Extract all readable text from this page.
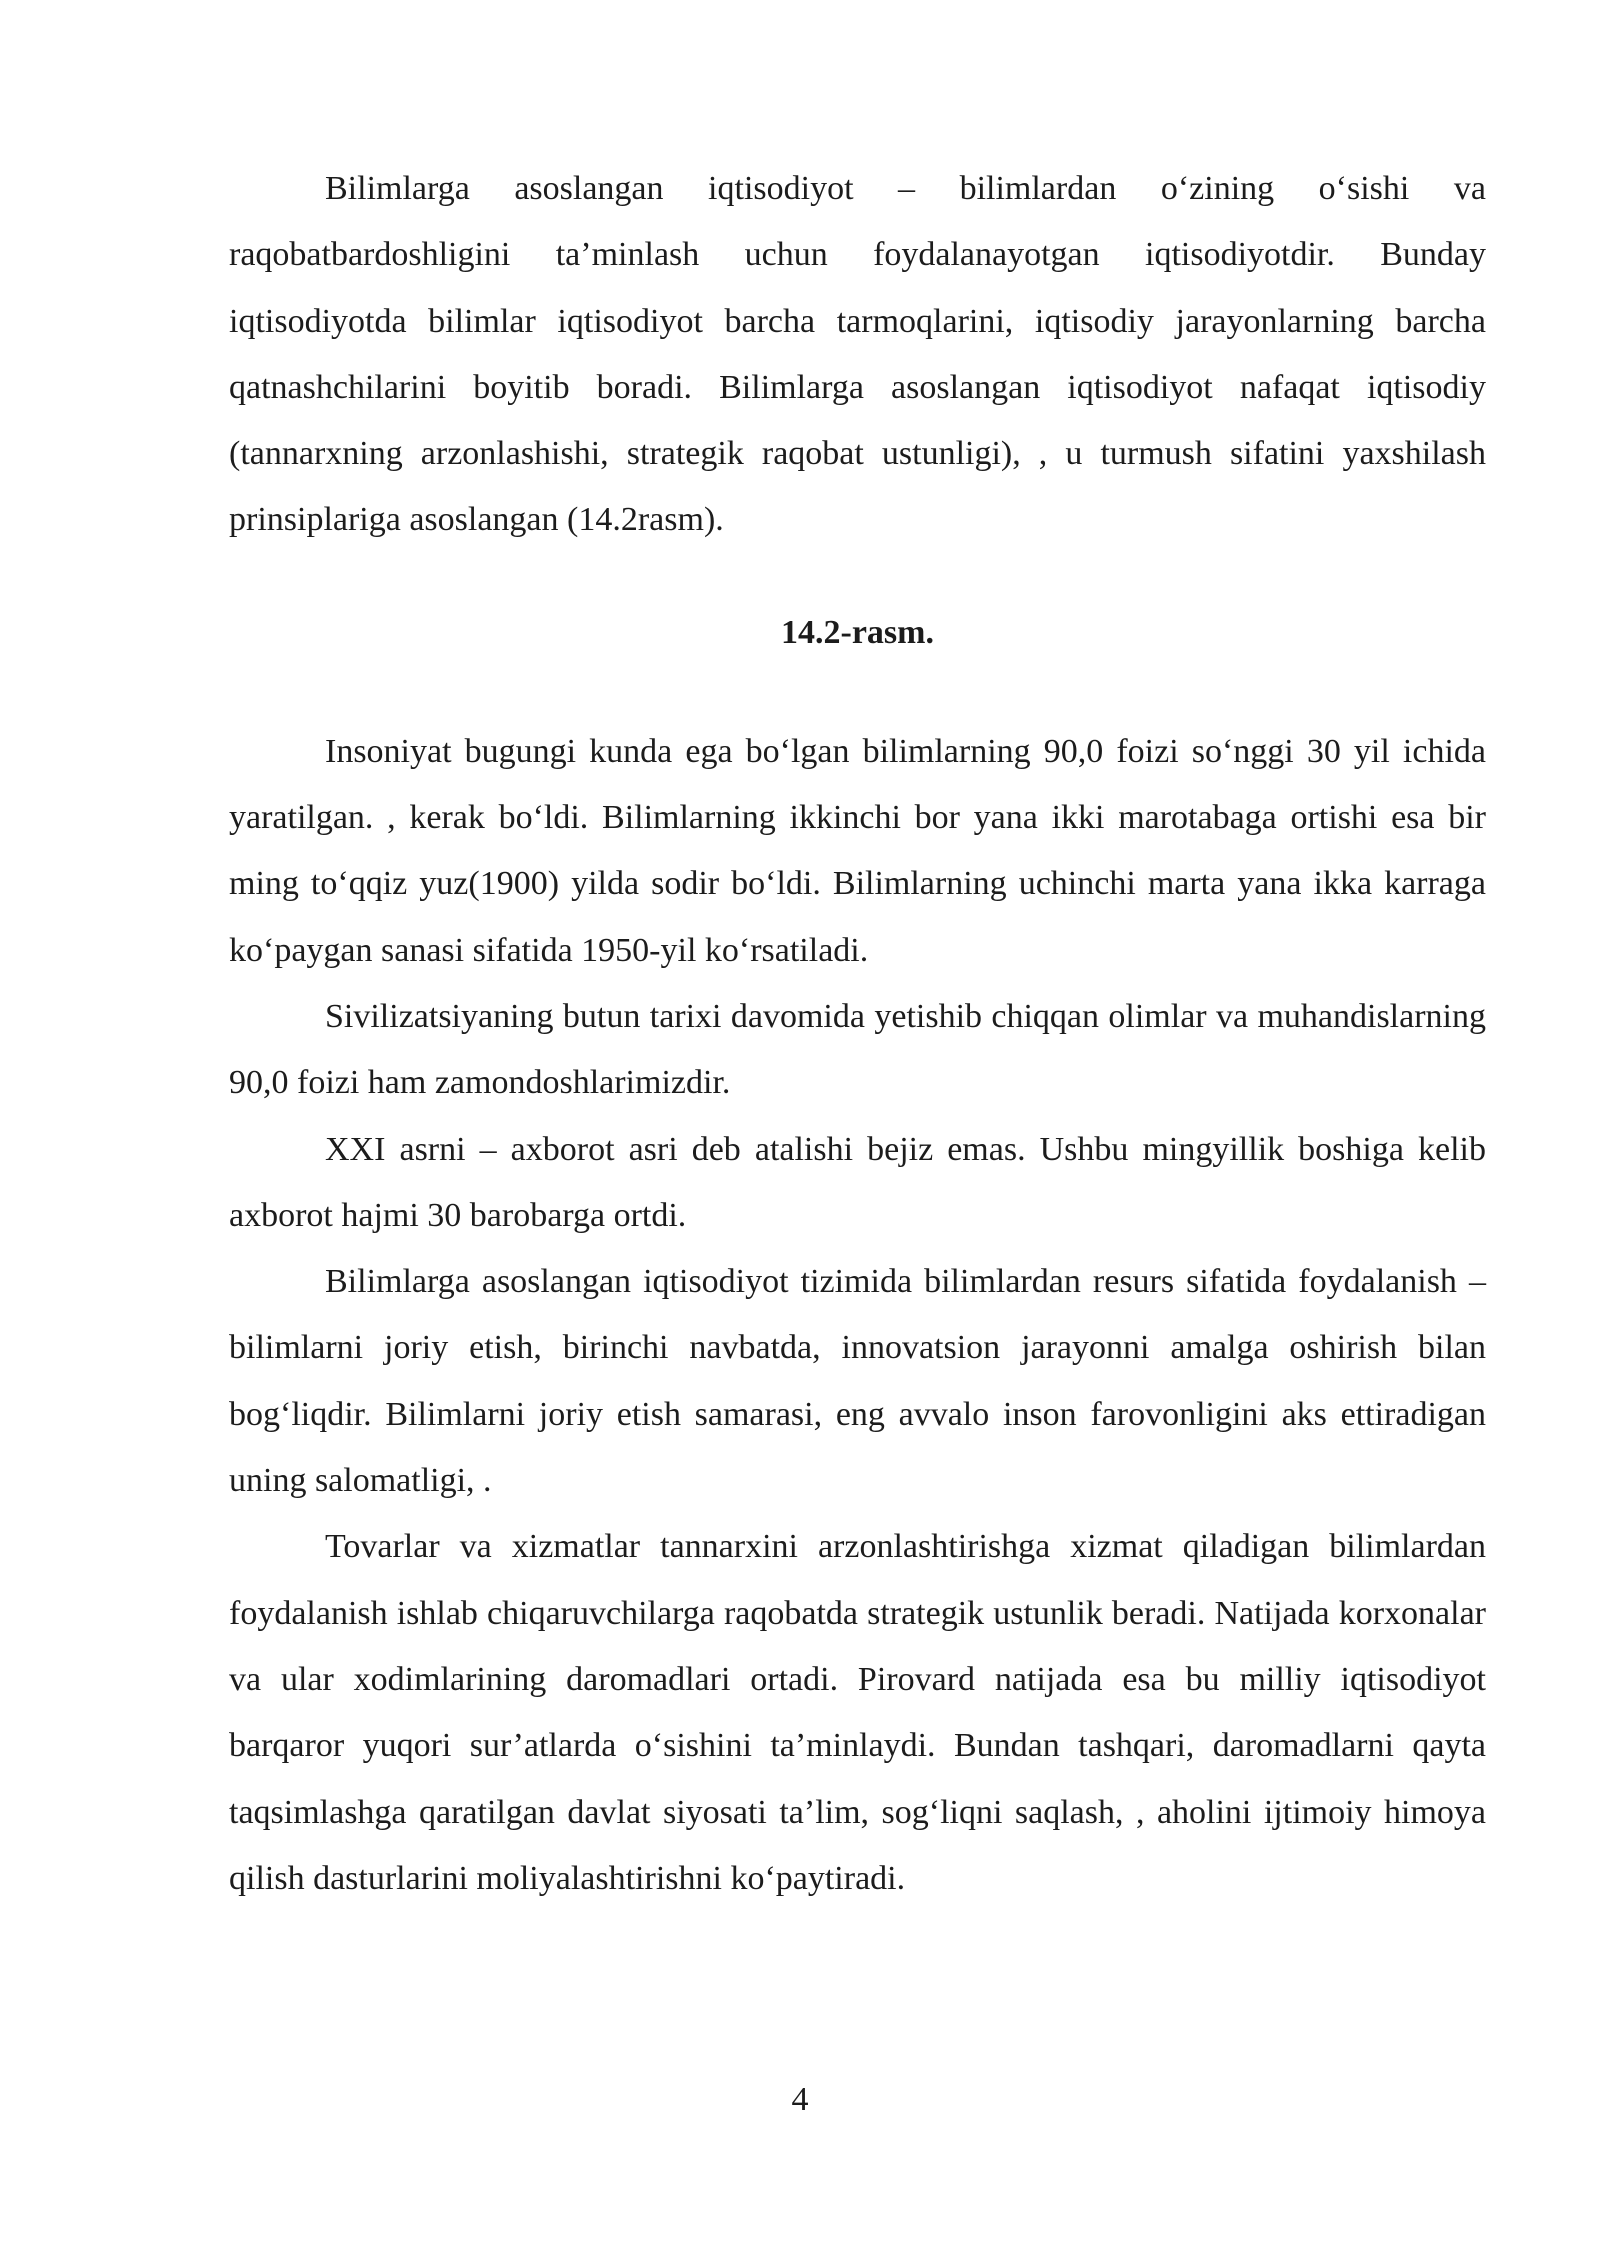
Bilimlarga asoslangan iqtisodiyot – bilimlardan o‘zining o‘sishi va raqobatbardoshligini ta’minlash uchun foydalanayotgan iqtisodiyotdir. Bunday iqtisodiyotda bilimlar iqtisodiyot barcha tarmoqlarini, iqtisodiy jarayonlarning barcha qatnashchilarini boyitib boradi. Bilimlarga asoslangan iqtisodiyot nafaqat iqtisodiy (tannarxning arzonlashishi, strategik raqobat ustunligi), , u turmush sifatini yaxshilash prinsiplariga asoslangan (14.2rasm).

14.2-rasm.

Insoniyat bugungi kunda ega bo‘lgan bilimlarning 90,0 foizi so‘nggi 30 yil ichida yaratilgan. , kerak bo‘ldi. Bilimlarning ikkinchi bor yana ikki marotabaga ortishi esa bir ming to‘qqiz yuz(1900) yilda sodir bo‘ldi. Bilimlarning uchinchi marta yana ikka karraga ko‘paygan sanasi sifatida 1950-yil ko‘rsatiladi.

Sivilizatsiyaning butun tarixi davomida yetishib chiqqan olimlar va muhandislarning 90,0 foizi ham zamondoshlarimizdir.

XXI asrni – axborot asri deb atalishi bejiz emas. Ushbu mingyillik boshiga kelib axborot hajmi 30 barobarga ortdi.

Bilimlarga asoslangan iqtisodiyot tizimida bilimlardan resurs sifatida foydalanish – bilimlarni joriy etish, birinchi navbatda, innovatsion jarayonni amalga oshirish bilan bog‘liqdir. Bilimlarni joriy etish samarasi, eng avvalo inson farovonligini aks ettiradigan uning salomatligi, .

Tovarlar va xizmatlar tannarxini arzonlashtirishga xizmat qiladigan bilimlardan foydalanish ishlab chiqaruvchilarga raqobatda strategik ustunlik beradi. Natijada korxonalar va ular xodimlarining daromadlari ortadi. Pirovard natijada esa bu milliy iqtisodiyot barqaror yuqori sur’atlarda o‘sishini ta’minlaydi. Bundan tashqari, daromadlarni qayta taqsimlashga qaratilgan davlat siyosati ta’lim, sog‘liqni saqlash, , aholini ijtimoiy himoya qilish dasturlarini moliyalashtirishni ko‘paytiradi.

4
